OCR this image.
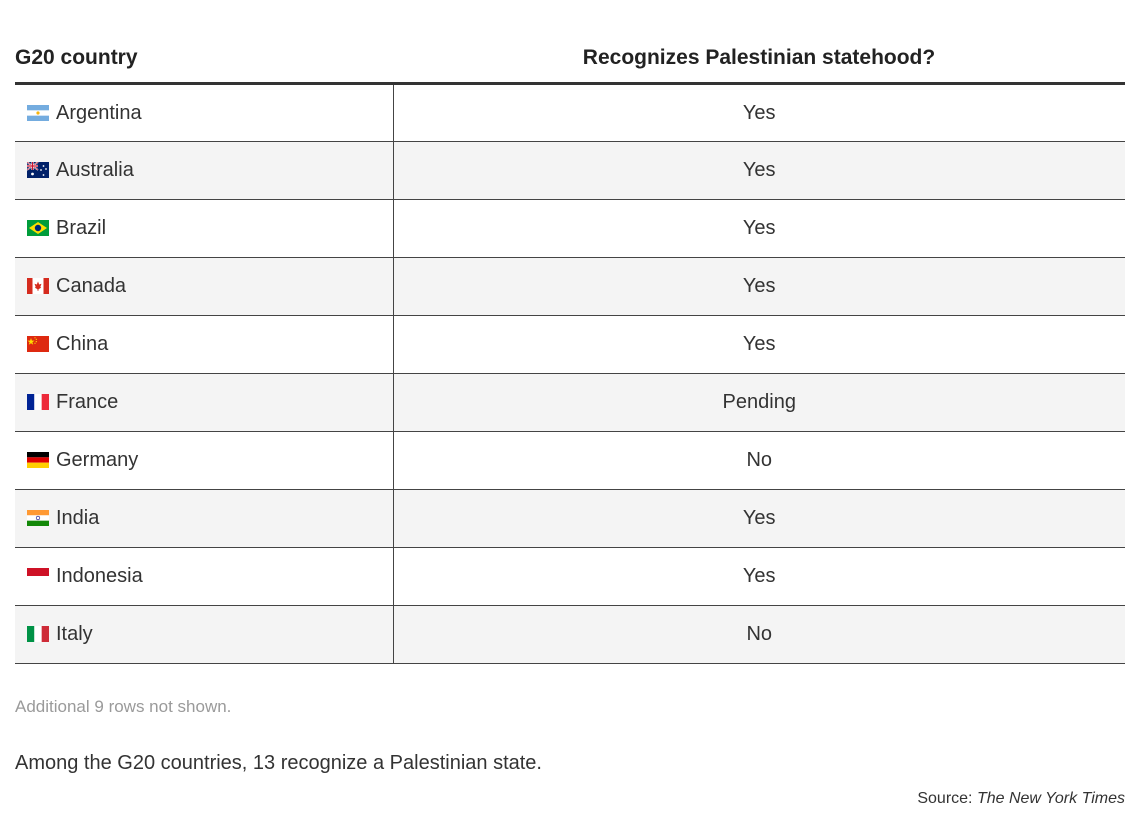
G20 country	Recognizes Palestinian statehood?

Argentina	Yes

Australia	Yes

Brazil	Yes

Canada	Yes

China	Yes

France	Pending

Germany	No

India	Yes

Indonesia	Yes

Italy	No
Additional 9 rows not shown.
Among the G20 countries, 13 recognize a Palestinian state.
Source: The New York Times
